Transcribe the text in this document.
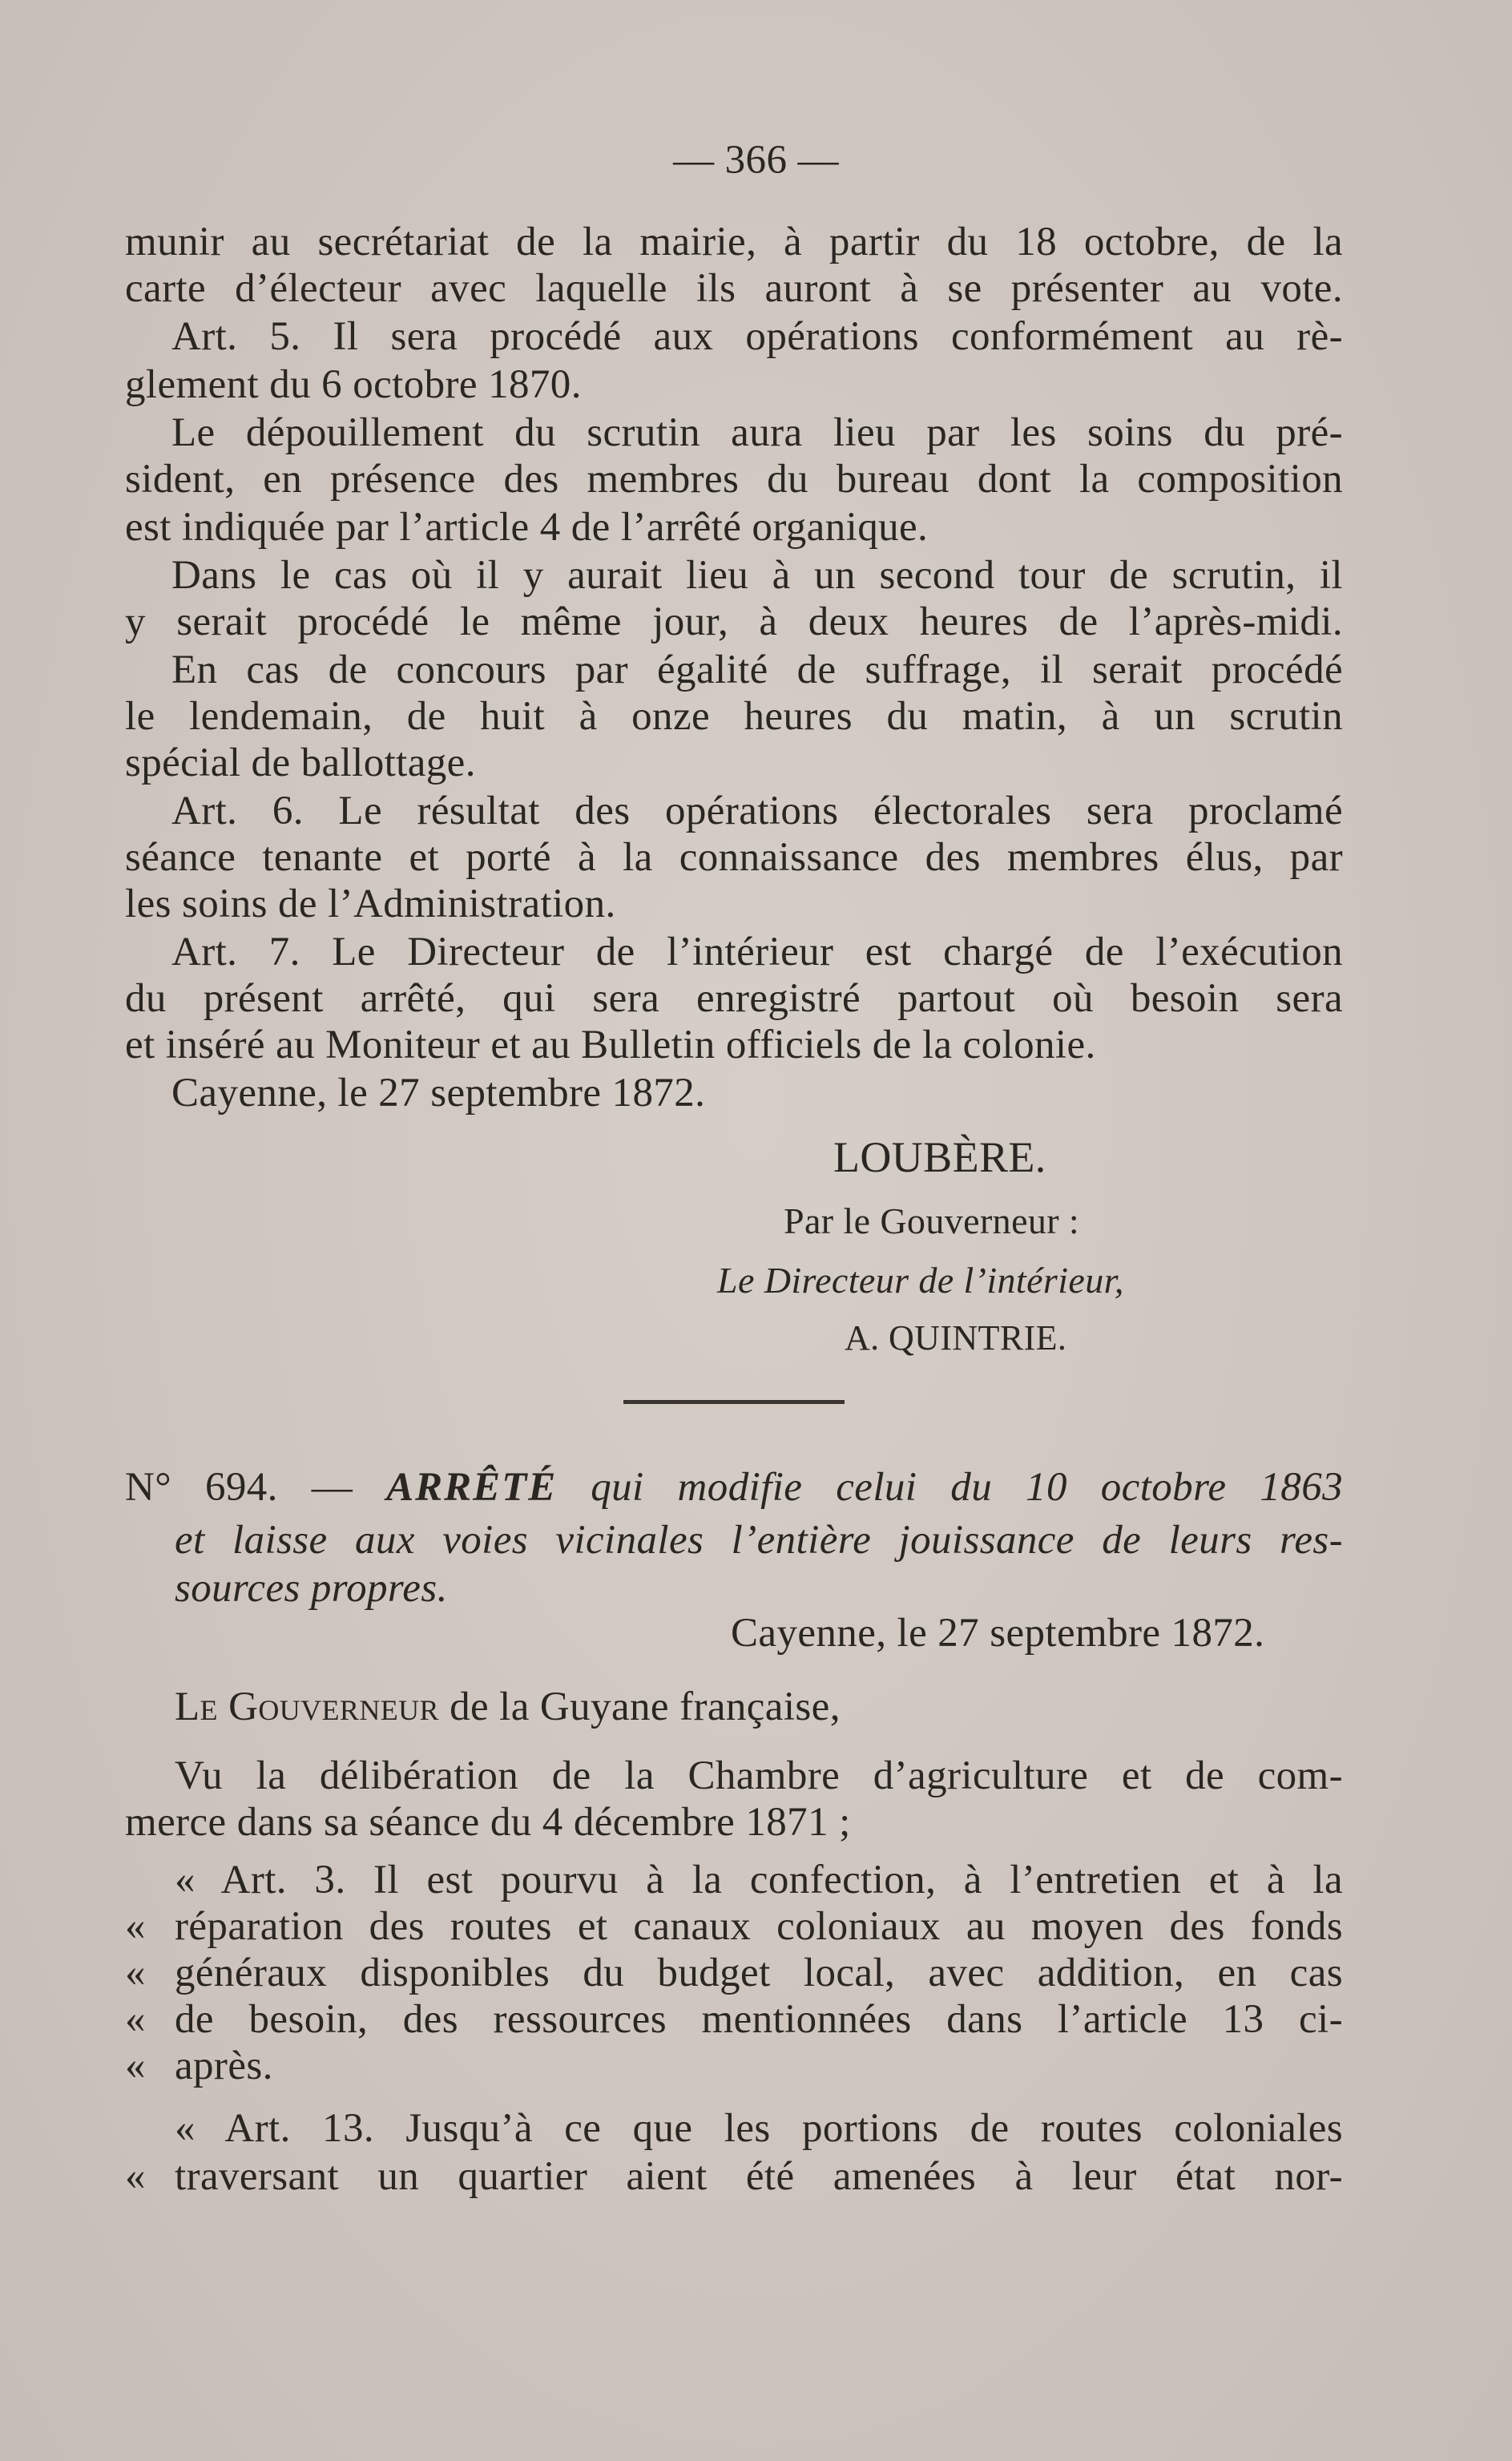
— 366 —
munir au secrétariat de la mairie, à partir du 18 octobre, de la
carte d’électeur avec laquelle ils auront à se présenter au vote.
Art. 5. Il sera procédé aux opérations conformément au rè-
glement du 6 octobre 1870.
Le dépouillement du scrutin aura lieu par les soins du pré-
sident, en présence des membres du bureau dont la composition
est indiquée par l’article 4 de l’arrêté organique.
Dans le cas où il y aurait lieu à un second tour de scrutin, il
y serait procédé le même jour, à deux heures de l’après-midi.
En cas de concours par égalité de suffrage, il serait procédé
le lendemain, de huit à onze heures du matin, à un scrutin
spécial de ballottage.
Art. 6. Le résultat des opérations électorales sera proclamé
séance tenante et porté à la connaissance des membres élus, par
les soins de l’Administration.
Art. 7. Le Directeur de l’intérieur est chargé de l’exécution
du présent arrêté, qui sera enregistré partout où besoin sera
et inséré au Moniteur et au Bulletin officiels de la colonie.
Cayenne, le 27 septembre 1872.
LOUBÈRE.
Par le Gouverneur :
Le Directeur de l’intérieur,
A. QUINTRIE.
N° 694. — ARRÊTÉ qui modifie celui du 10 octobre 1863
et laisse aux voies vicinales l’entière jouissance de leurs res-
sources propres.
Cayenne, le 27 septembre 1872.
Le Gouverneur de la Guyane française,
Vu la délibération de la Chambre d’agriculture et de com-
merce dans sa séance du 4 décembre 1871 ;
« Art. 3. Il est pourvu à la confection, à l’entretien et à la
« réparation des routes et canaux coloniaux au moyen des fonds
« généraux disponibles du budget local, avec addition, en cas
« de besoin, des ressources mentionnées dans l’article 13 ci-
« après.
« Art. 13. Jusqu’à ce que les portions de routes coloniales
« traversant un quartier aient été amenées à leur état nor-
